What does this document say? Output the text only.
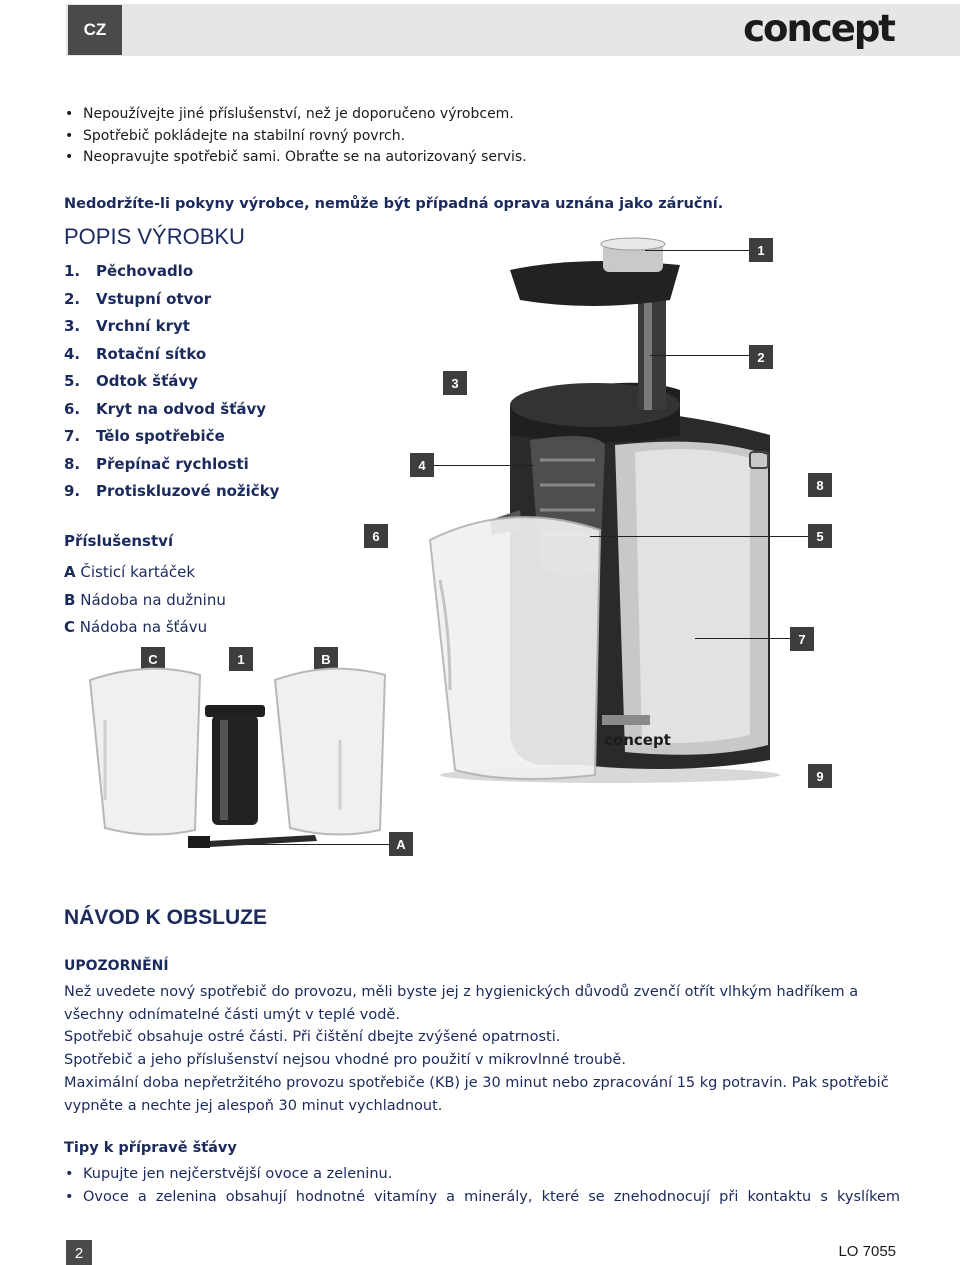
CZ	concept
• Nepoužívejte jiné příslušenství, než je doporučeno výrobcem.
• Spotřebič pokládejte na stabilní rovný povrch.
• Neopravujte spotřebič sami. Obraťte se na autorizovaný servis.
Nedodržíte-li pokyny výrobce, nemůže být případná oprava uznána jako záruční.
POPIS VÝROBKU
1. Pěchovadlo
2. Vstupní otvor
3. Vrchní kryt
4. Rotační sítko
5. Odtok šťávy
6. Kryt na odvod šťávy
7. Tělo spotřebiče
8. Přepínač rychlosti
9. Protiskluzové nožičky
Příslušenství
A Čisticí kartáček
B Nádoba na dužninu
C Nádoba na šťávu
concept
1
2
3
4
8
6	5
7
9
A
C	1	B
NÁVOD K OBSLUZE
UPOZORNĚNÍ

Než uvedete nový spotřebič do provozu, měli byste jej z hygienických důvodů zvenčí otřít vlhkým hadříkem a všechny odnímatelné části umýt v teplé vodě.

Spotřebič obsahuje ostré části. Při čištění dbejte zvýšené opatrnosti.

Spotřebič a jeho příslušenství nejsou vhodné pro použití v mikrovlnné troubě.

Maximální doba nepřetržitého provozu spotřebiče (KB) je 30 minut nebo zpracování 15 kg potravin. Pak spotřebič vypněte a nechte jej alespoň 30 minut vychladnout.

Tipy k přípravě šťávy
• Kupujte jen nejčerstvější ovoce a zeleninu.
• Ovoce a zelenina obsahují hodnotné vitamíny a minerály, které se znehodnocují při kontaktu s kyslíkem
2	LO 7055
